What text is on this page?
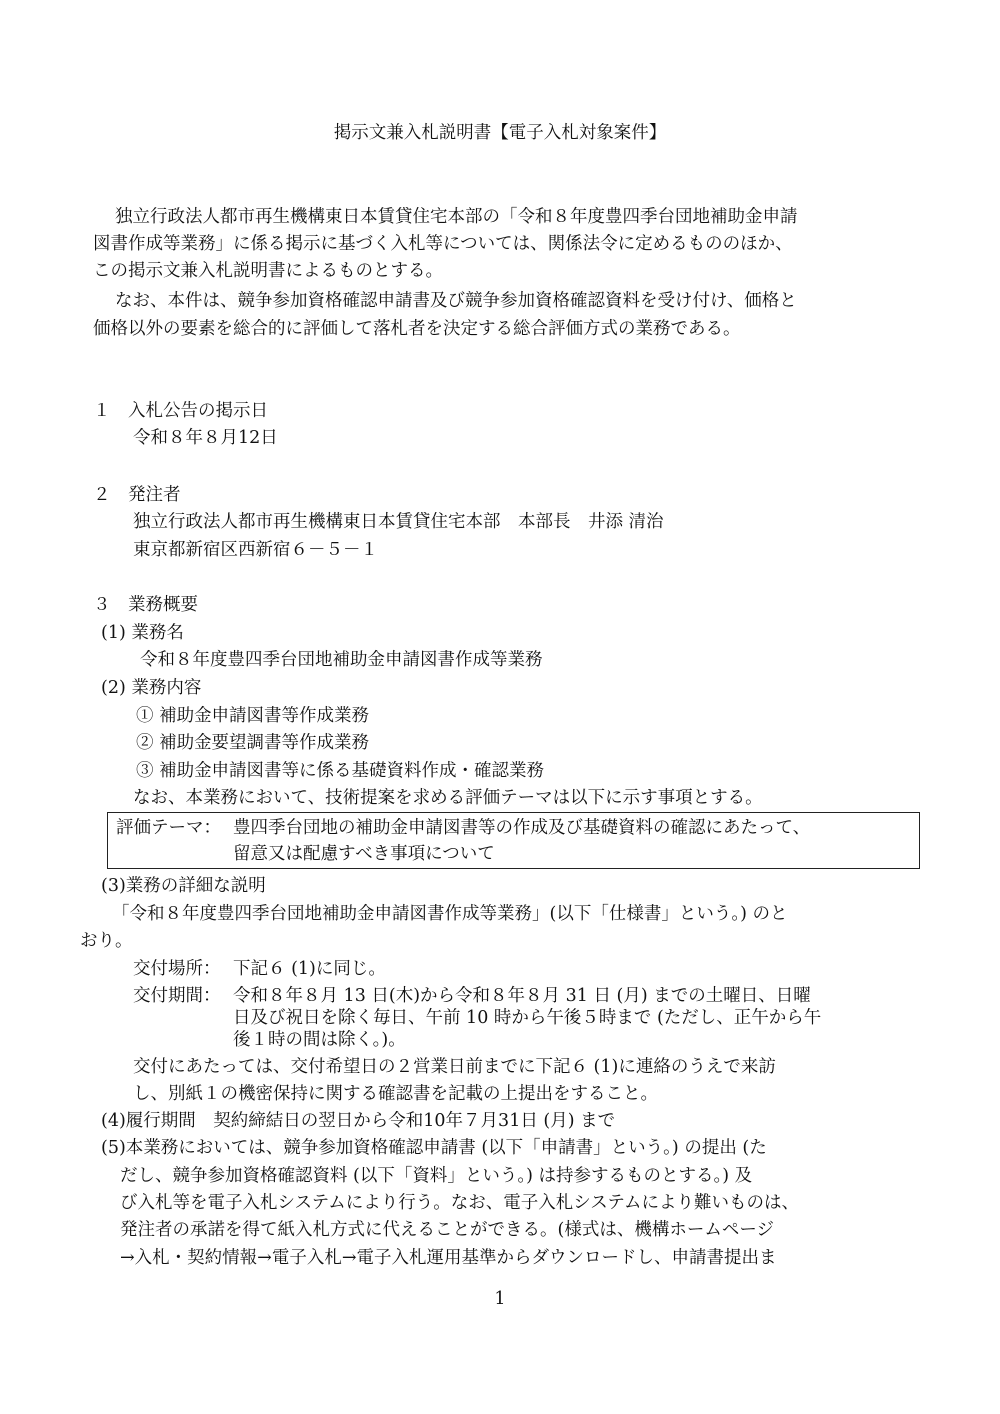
掲示文兼入札説明書【電子入札対象案件】
独立行政法人都市再生機構東日本賃貸住宅本部の「令和８年度豊四季台団地補助金申請
図書作成等業務」に係る掲示に基づく入札等については、関係法令に定めるもののほか、
この掲示文兼入札説明書によるものとする。
なお、本件は、競争参加資格確認申請書及び競争参加資格確認資料を受け付け、価格と
価格以外の要素を総合的に評価して落札者を決定する総合評価方式の業務である。
１　入札公告の掲示日
令和８年８月12日
２　発注者
独立行政法人都市再生機構東日本賃貸住宅本部　本部長　井添 清治
東京都新宿区西新宿６－５－１
３　業務概要
(1) 業務名
令和８年度豊四季台団地補助金申請図書作成等業務
(2) 業務内容
① 補助金申請図書等作成業務
② 補助金要望調書等作成業務
③ 補助金申請図書等に係る基礎資料作成・確認業務
なお、本業務において、技術提案を求める評価テーマは以下に示す事項とする。
評価テーマ： 豊四季台団地の補助金申請図書等の作成及び基礎資料の確認にあたって、
留意又は配慮すべき事項について
(3)業務の詳細な説明
「令和８年度豊四季台団地補助金申請図書作成等業務」(以下「仕様書」という。) のと
おり。
交付場所： 下記６ (1)に同じ。
交付期間： 令和８年８月 13 日(木)から令和８年８月 31 日 (月) までの土曜日、日曜
日及び祝日を除く毎日、午前 10 時から午後５時まで (ただし、正午から午
後１時の間は除く。)。
交付にあたっては、交付希望日の２営業日前までに下記６ (1)に連絡のうえで来訪
し、別紙１の機密保持に関する確認書を記載の上提出をすること。
(4)履行期間　契約締結日の翌日から令和10年７月31日 (月) まで
(5)本業務においては、競争参加資格確認申請書 (以下「申請書」という。) の提出 (た
だし、競争参加資格確認資料 (以下「資料」という。) は持参するものとする。) 及
び入札等を電子入札システムにより行う。なお、電子入札システムにより難いものは、
発注者の承諾を得て紙入札方式に代えることができる。(様式は、機構ホームページ
→入札・契約情報→電子入札→電子入札運用基準からダウンロードし、申請書提出ま
1
